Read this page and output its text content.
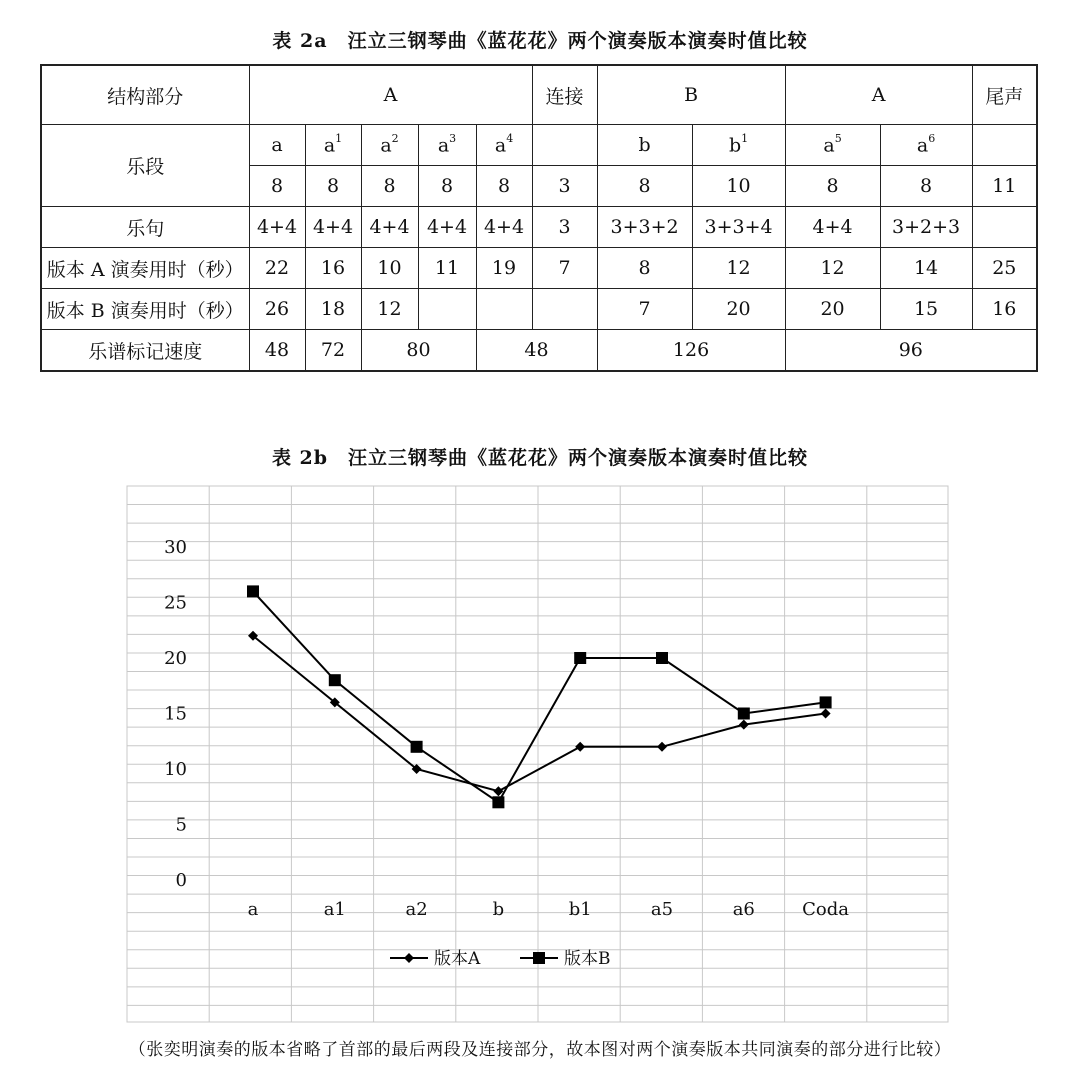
表 2a　汪立三钢琴曲《蓝花花》两个演奏版本演奏时值比较
结构部分	A					连接	B		A		尾声
乐段	a	$a^1$	$a^2$	$a^3$	$a^4$		b	$b^1$	$a^5$	$a^6$	
	8	8	8	8	8	3	8	10	8	8	11
乐句	4+4	4+4	4+4	4+4	4+4	3	3+3+2	3+3+4	4+4	3+2+3	
版本 A 演奏用时（秒）	22	16	10	11	19	7	8	12	12	14	25
版本 B 演奏用时（秒）	26	18	12				7	20	20	15	16
乐谱标记速度	48	72	80		48		126		96		
表 2b　汪立三钢琴曲《蓝花花》两个演奏版本演奏时值比较
30
25
20
15
10
5
0
a	a1	a2	b	b1	a5	a6	Coda
版本A	版本B
（张奕明演奏的版本省略了首部的最后两段及连接部分，故本图对两个演奏版本共同演奏的部分进行比较）
